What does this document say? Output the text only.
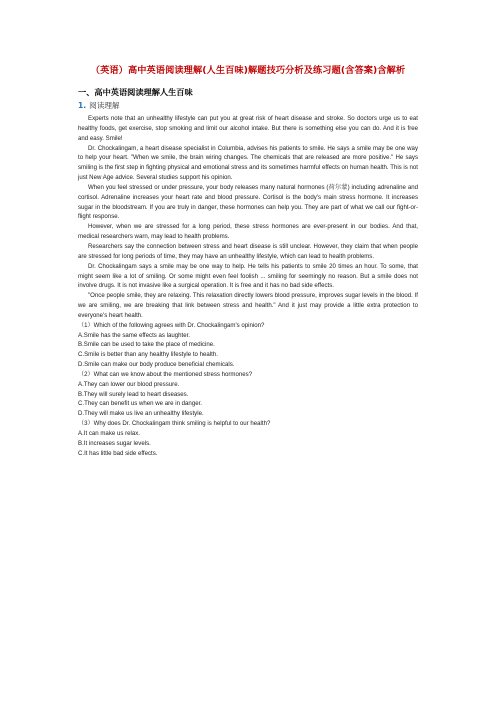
（英语）高中英语阅读理解(人生百味)解题技巧分析及练习题(含答案)含解析
一、高中英语阅读理解人生百味
1. 阅读理解

Experts note that an unhealthy lifestyle can put you at great risk of heart disease and stroke. So doctors urge us to eat healthy foods, get exercise, stop smoking and limit our alcohol intake. But there is something else you can do. And it is free and easy. Smile!

Dr. Chockalingam, a heart disease specialist in Columbia, advises his patients to smile. He says a smile may be one way to help your heart. "When we smile, the brain wiring changes. The chemicals that are released are more positive." He says smiling is the first step in fighting physical and emotional stress and its sometimes harmful effects on human health. This is not just New Age advice. Several studies support his opinion.

When you feel stressed or under pressure, your body releases many natural hormones (荷尔蒙) including adrenaline and cortisol. Adrenaline increases your heart rate and blood pressure. Cortisol is the body's main stress hormone. It increases sugar in the bloodstream. If you are truly in danger, these hormones can help you. They are part of what we call our fight-or-flight response.

However, when we are stressed for a long period, these stress hormones are ever-present in our bodies. And that, medical researchers warn, may lead to health problems.

Researchers say the connection between stress and heart disease is still unclear. However, they claim that when people are stressed for long periods of time, they may have an unhealthy lifestyle, which can lead to health problems.

Dr. Chockalingam says a smile may be one way to help. He tells his patients to smile 20 times an hour. To some, that might seem like a lot of smiling. Or some might even feel foolish ... smiling for seemingly no reason. But a smile does not involve drugs. It is not invasive like a surgical operation. It is free and it has no bad side effects.

"Once people smile, they are relaxing. This relaxation directly lowers blood pressure, improves sugar levels in the blood. If we are smiling, we are breaking that link between stress and health." And it just may provide a little extra protection to everyone's heart health.

（1）Which of the following agrees with Dr. Chockalingam's opinion?

A.Smile has the same effects as laughter.

B.Smile can be used to take the place of medicine.

C.Smile is better than any healthy lifestyle to health.

D.Smile can make our body produce beneficial chemicals.

（2）What can we know about the mentioned stress hormones?

A.They can lower our blood pressure.

B.They will surely lead to heart diseases.

C.They can benefit us when we are in danger.

D.They will make us live an unhealthy lifestyle.

（3）Why does Dr. Chockalingam think smiling is helpful to our health?

A.It can make us relax.

B.It increases sugar levels.

C.It has little bad side effects.
